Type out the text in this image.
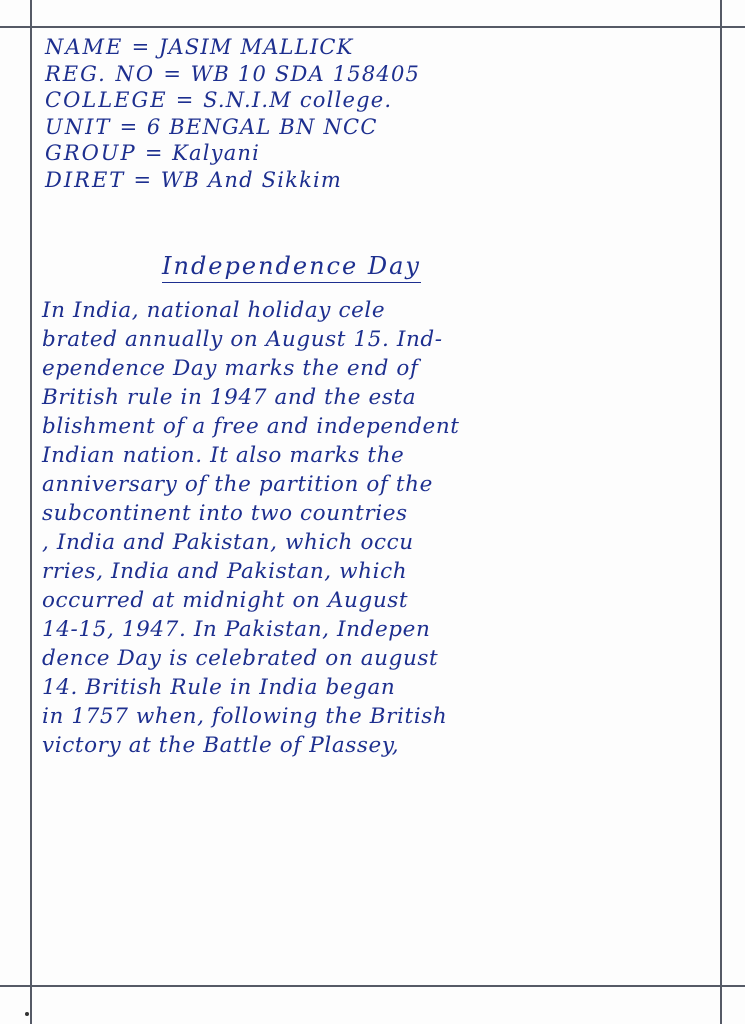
NAME = JASIM MALLICK
REG. NO = WB 10 SDA 158405
COLLEGE = S.N.I.M college.
UNIT = 6 BENGAL BN NCC
GROUP = Kalyani
DIRET = WB And Sikkim
Independence Day
In India, national holiday cele
brated annually on August 15. Ind-
ependence Day marks the end of
British rule in 1947 and the esta
blishment of a free and independent
Indian nation. It also marks the
anniversary of the partition of the
subcontinent into two countries
, India and Pakistan, which occu
rries, India and Pakistan, which
occurred at midnight on August
14-15, 1947. In Pakistan, Indepen
dence Day is celebrated on august
14. British Rule in India began
in 1757 when, following the British
victory at the Battle of Plassey,
